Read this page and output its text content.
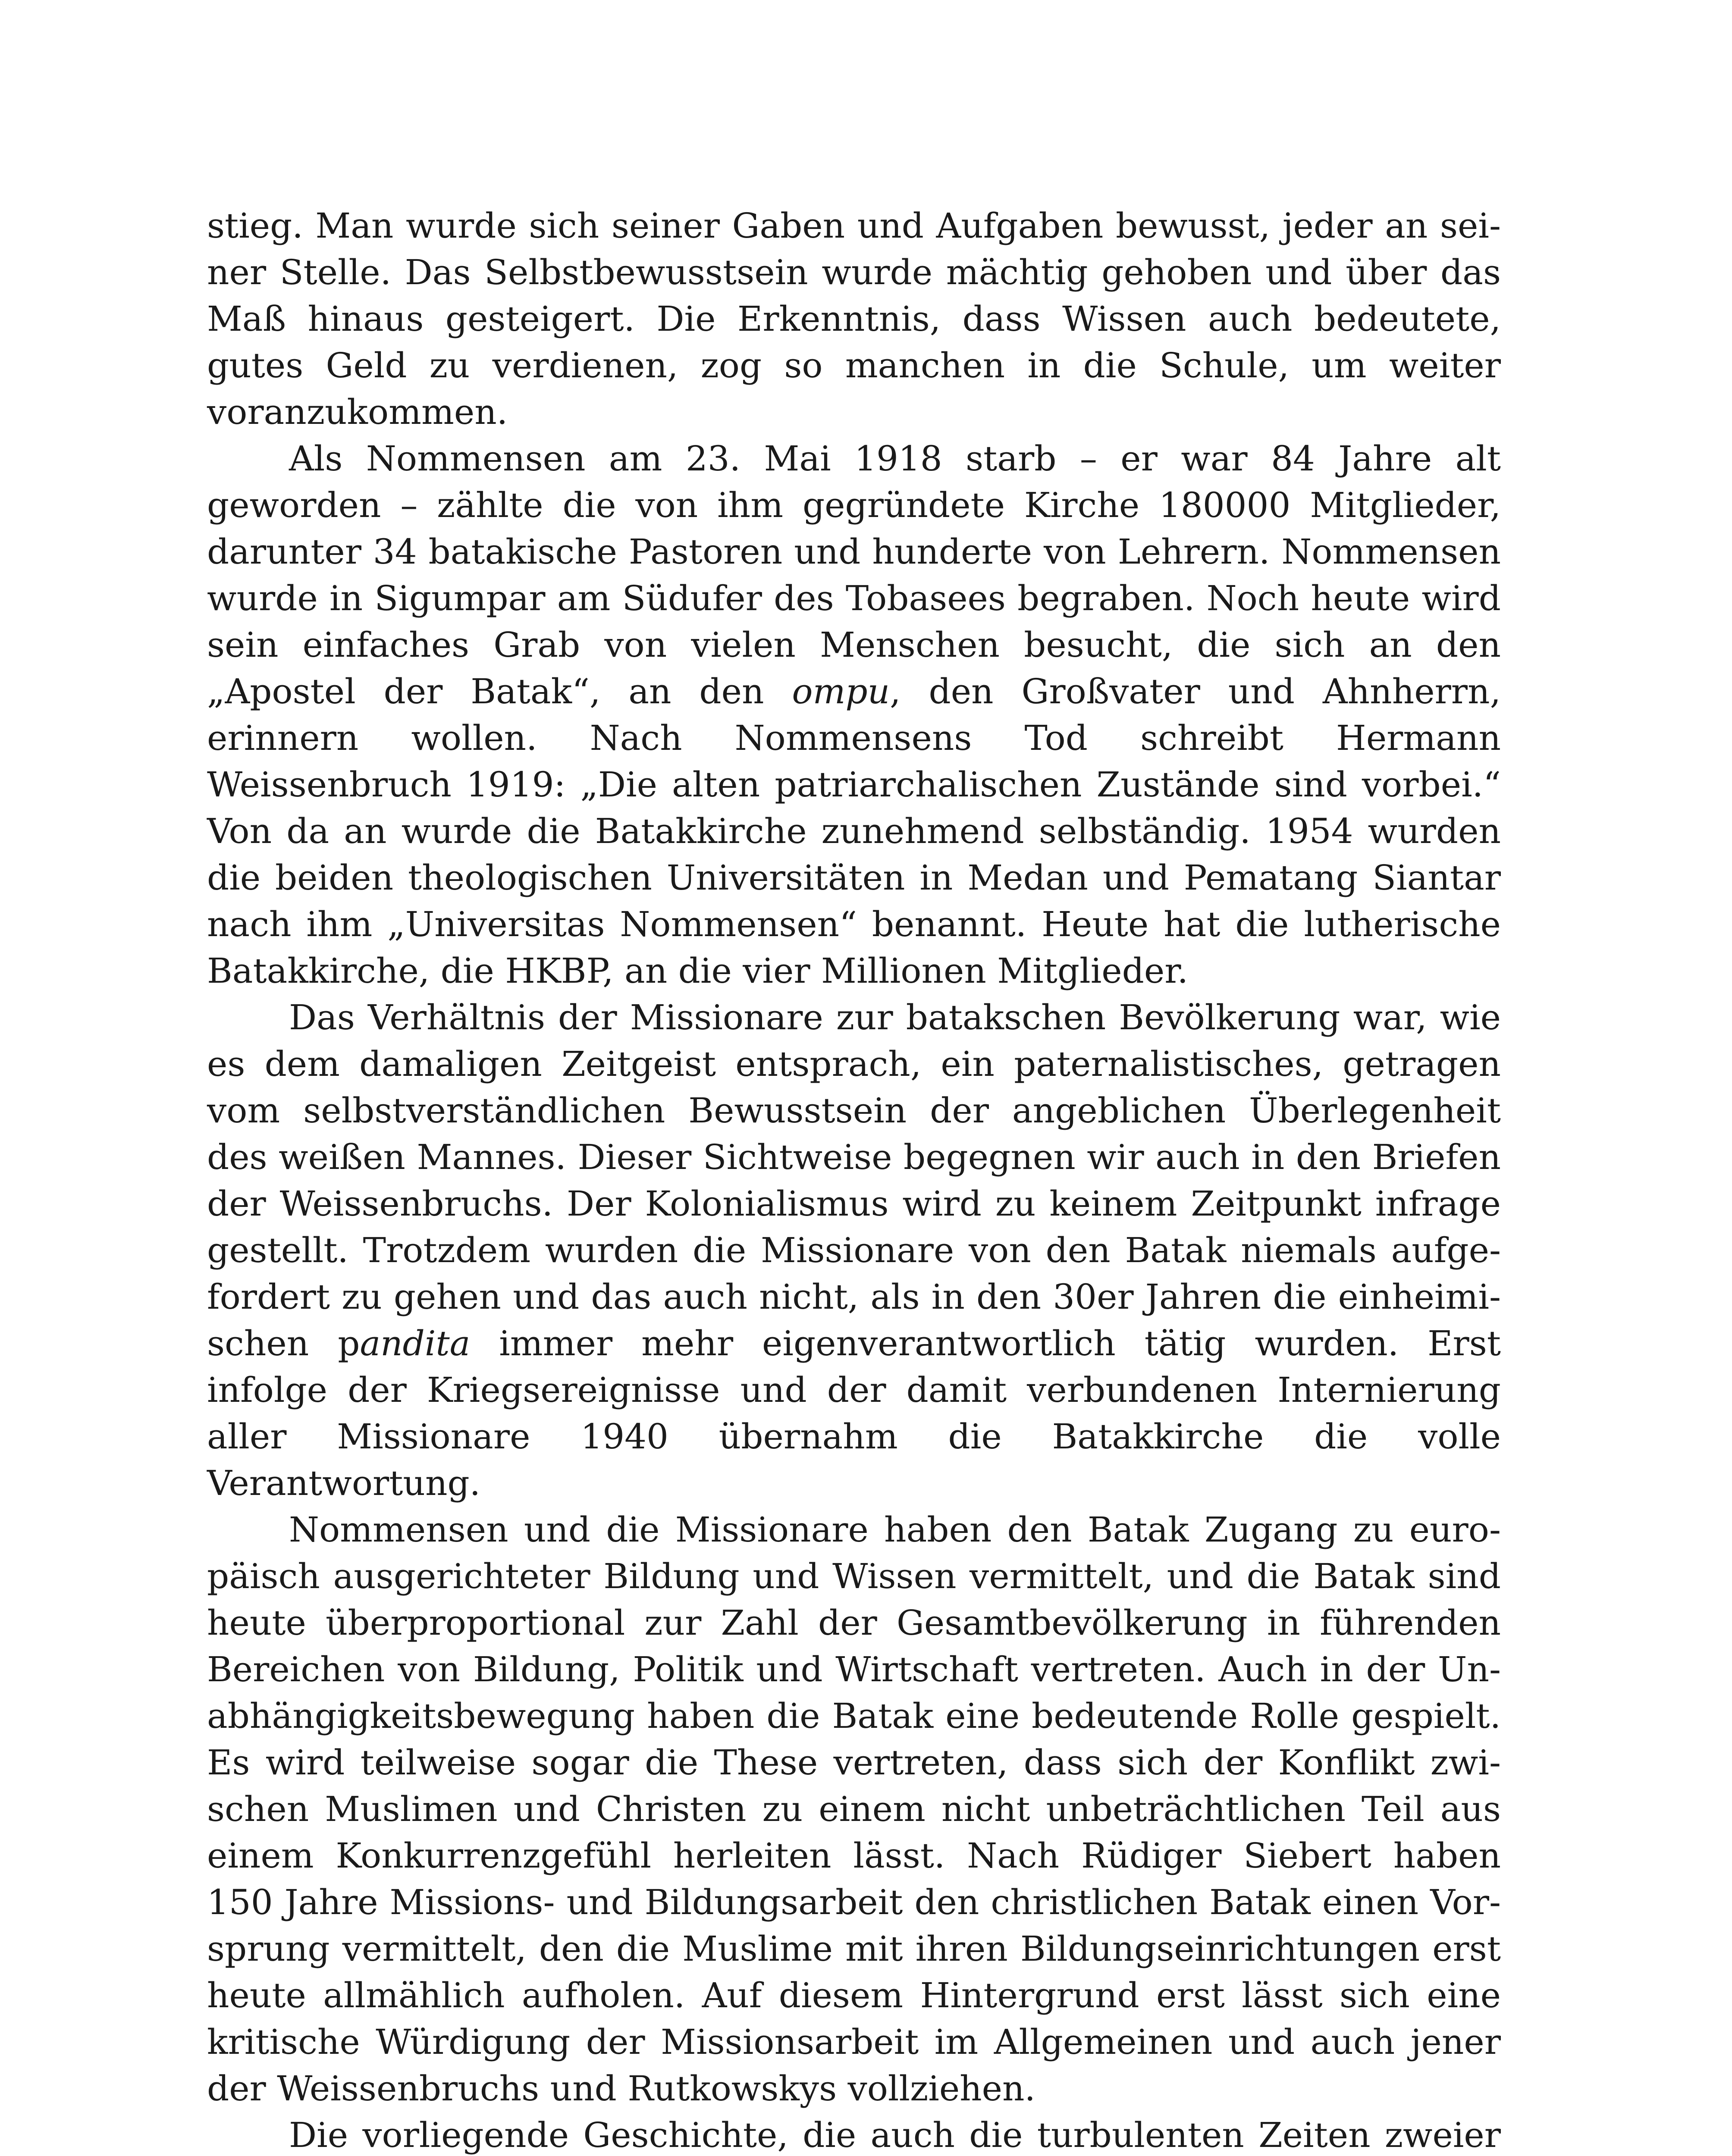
stieg. Man wurde sich seiner Gaben und Aufgaben bewusst, jeder an seiner Stelle. Das Selbstbewusstsein wurde mächtig gehoben und über das Maß hinaus gesteigert. Die Erkenntnis, dass Wissen auch bedeutete, gutes Geld zu verdienen, zog so manchen in die Schule, um weiter voranzukommen.

Als Nommensen am 23. Mai 1918 starb – er war 84 Jahre alt geworden – zählte die von ihm gegründete Kirche 180000 Mitglieder, darunter 34 batakische Pastoren und hunderte von Lehrern. Nommensen wurde in Sigumpar am Südufer des Tobasees begraben. Noch heute wird sein einfaches Grab von vielen Menschen besucht, die sich an den „Apostel der Batak“, an den ompu, den Großvater und Ahnherrn, erinnern wollen. Nach Nommensens Tod schreibt Hermann Weissenbruch 1919: „Die alten patriarchalischen Zustände sind vorbei.“ Von da an wurde die Batakkirche zunehmend selbständig. 1954 wurden die beiden theologischen Universitäten in Medan und Pematang Siantar nach ihm „Universitas Nommensen“ benannt. Heute hat die lutherische Batakkirche, die HKBP, an die vier Millionen Mitglieder.

Das Verhältnis der Missionare zur batakschen Bevölkerung war, wie es dem damaligen Zeitgeist entsprach, ein paternalistisches, getragen vom selbstverständlichen Bewusstsein der angeblichen Überlegenheit des weißen Mannes. Dieser Sichtweise begegnen wir auch in den Briefen der Weissenbruchs. Der Kolonialismus wird zu keinem Zeitpunkt infrage gestellt. Trotzdem wurden die Missionare von den Batak niemals aufgefordert zu gehen und das auch nicht, als in den 30er Jahren die einheimischen pandita immer mehr eigenverantwortlich tätig wurden. Erst infolge der Kriegsereignisse und der damit verbundenen Internierung aller Missionare 1940 übernahm die Batakkirche die volle Verantwortung.

Nommensen und die Missionare haben den Batak Zugang zu europäisch ausgerichteter Bildung und Wissen vermittelt, und die Batak sind heute überproportional zur Zahl der Gesamtbevölkerung in führenden Bereichen von Bildung, Politik und Wirtschaft vertreten. Auch in der Unabhängigkeitsbewegung haben die Batak eine bedeutende Rolle gespielt. Es wird teilweise sogar die These vertreten, dass sich der Konflikt zwischen Muslimen und Christen zu einem nicht unbeträchtlichen Teil aus einem Konkurrenzgefühl herleiten lässt. Nach Rüdiger Siebert haben 150 Jahre Missions- und Bildungsarbeit den christlichen Batak einen Vorsprung vermittelt, den die Muslime mit ihren Bildungseinrichtungen erst heute allmählich aufholen. Auf diesem Hintergrund erst lässt sich eine kritische Würdigung der Missionsarbeit im Allgemeinen und auch jener der Weissenbruchs und Rutkowskys vollziehen.

Die vorliegende Geschichte, die auch die turbulenten Zeiten zweier
